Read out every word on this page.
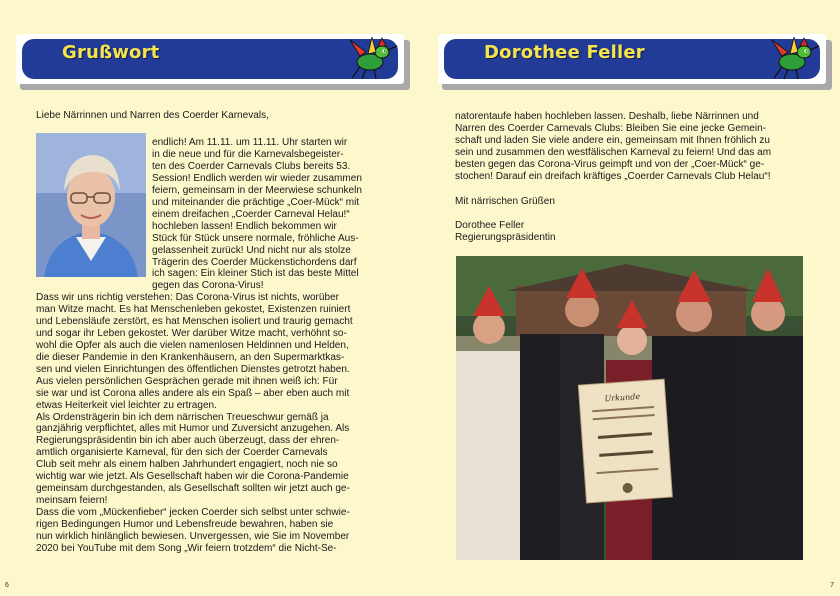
Grußwort
Liebe Närrinnen und Narren des Coerder Karnevals,
endlich! Am 11.11. um 11.11. Uhr starten wir
in die neue und für die Karnevalsbegeister-
ten des Coerder Carnevals Clubs bereits 53.
Session! Endlich werden wir wieder zusammen
feiern, gemeinsam in der Meerwiese schunkeln
und miteinander die prächtige „Coer-Mück“ mit
einem dreifachen „Coerder Carneval Helau!“
hochleben lassen! Endlich bekommen wir
Stück für Stück unsere normale, fröhliche Aus-
gelassenheit zurück! Und nicht nur als stolze
Trägerin des Coerder Mückenstichordens darf
ich sagen: Ein kleiner Stich ist das beste Mittel
gegen das Corona-Virus!
Dass wir uns richtig verstehen: Das Corona-Virus ist nichts, worüber
man Witze macht. Es hat Menschenleben gekostet, Existenzen ruiniert
und Lebensläufe zerstört, es hat Menschen isoliert und traurig gemacht
und sogar ihr Leben gekostet. Wer darüber Witze macht, verhöhnt so-
wohl die Opfer als auch die vielen namenlosen Heldinnen und Helden,
die dieser Pandemie in den Krankenhäusern, an den Supermarktkas-
sen und vielen Einrichtungen des öffentlichen Dienstes getrotzt haben.
Aus vielen persönlichen Gesprächen gerade mit ihnen weiß ich: Für
sie war und ist Corona alles andere als ein Spaß – aber eben auch mit
etwas Heiterkeit viel leichter zu ertragen.
Als Ordensträgerin bin ich dem närrischen Treueschwur gemäß ja
ganzjährig verpflichtet, alles mit Humor und Zuversicht anzugehen. Als
Regierungspräsidentin bin ich aber auch überzeugt, dass der ehren-
amtlich organisierte Karneval, für den sich der Coerder Carnevals
Club seit mehr als einem halben Jahrhundert engagiert, noch nie so
wichtig war wie jetzt. Als Gesellschaft haben wir die Corona-Pandemie
gemeinsam durchgestanden, als Gesellschaft sollten wir jetzt auch ge-
meinsam feiern!
Dass die vom „Mückenfieber“ jecken Coerder sich selbst unter schwie-
rigen Bedingungen Humor und Lebensfreude bewahren, haben sie
nun wirklich hinlänglich bewiesen. Unvergessen, wie Sie im November
2020 bei YouTube mit dem Song „Wir feiern trotzdem“ die Nicht-Se-
6
Dorothee Feller
natorentaufe haben hochleben lassen. Deshalb, liebe Närrinnen und
Narren des Coerder Carnevals Clubs: Bleiben Sie eine jecke Gemein-
schaft und laden Sie viele andere ein, gemeinsam mit Ihnen fröhlich zu
sein und zusammen den westfälischen Karneval zu feiern! Und das am
besten gegen das Corona-Virus geimpft und von der „Coer-Mück“ ge-
stochen! Darauf ein dreifach kräftiges „Coerder Carnevals Club Helau“!
Mit närrischen Grüßen
Dorothee Feller
Regierungspräsidentin
Urkunde
7
